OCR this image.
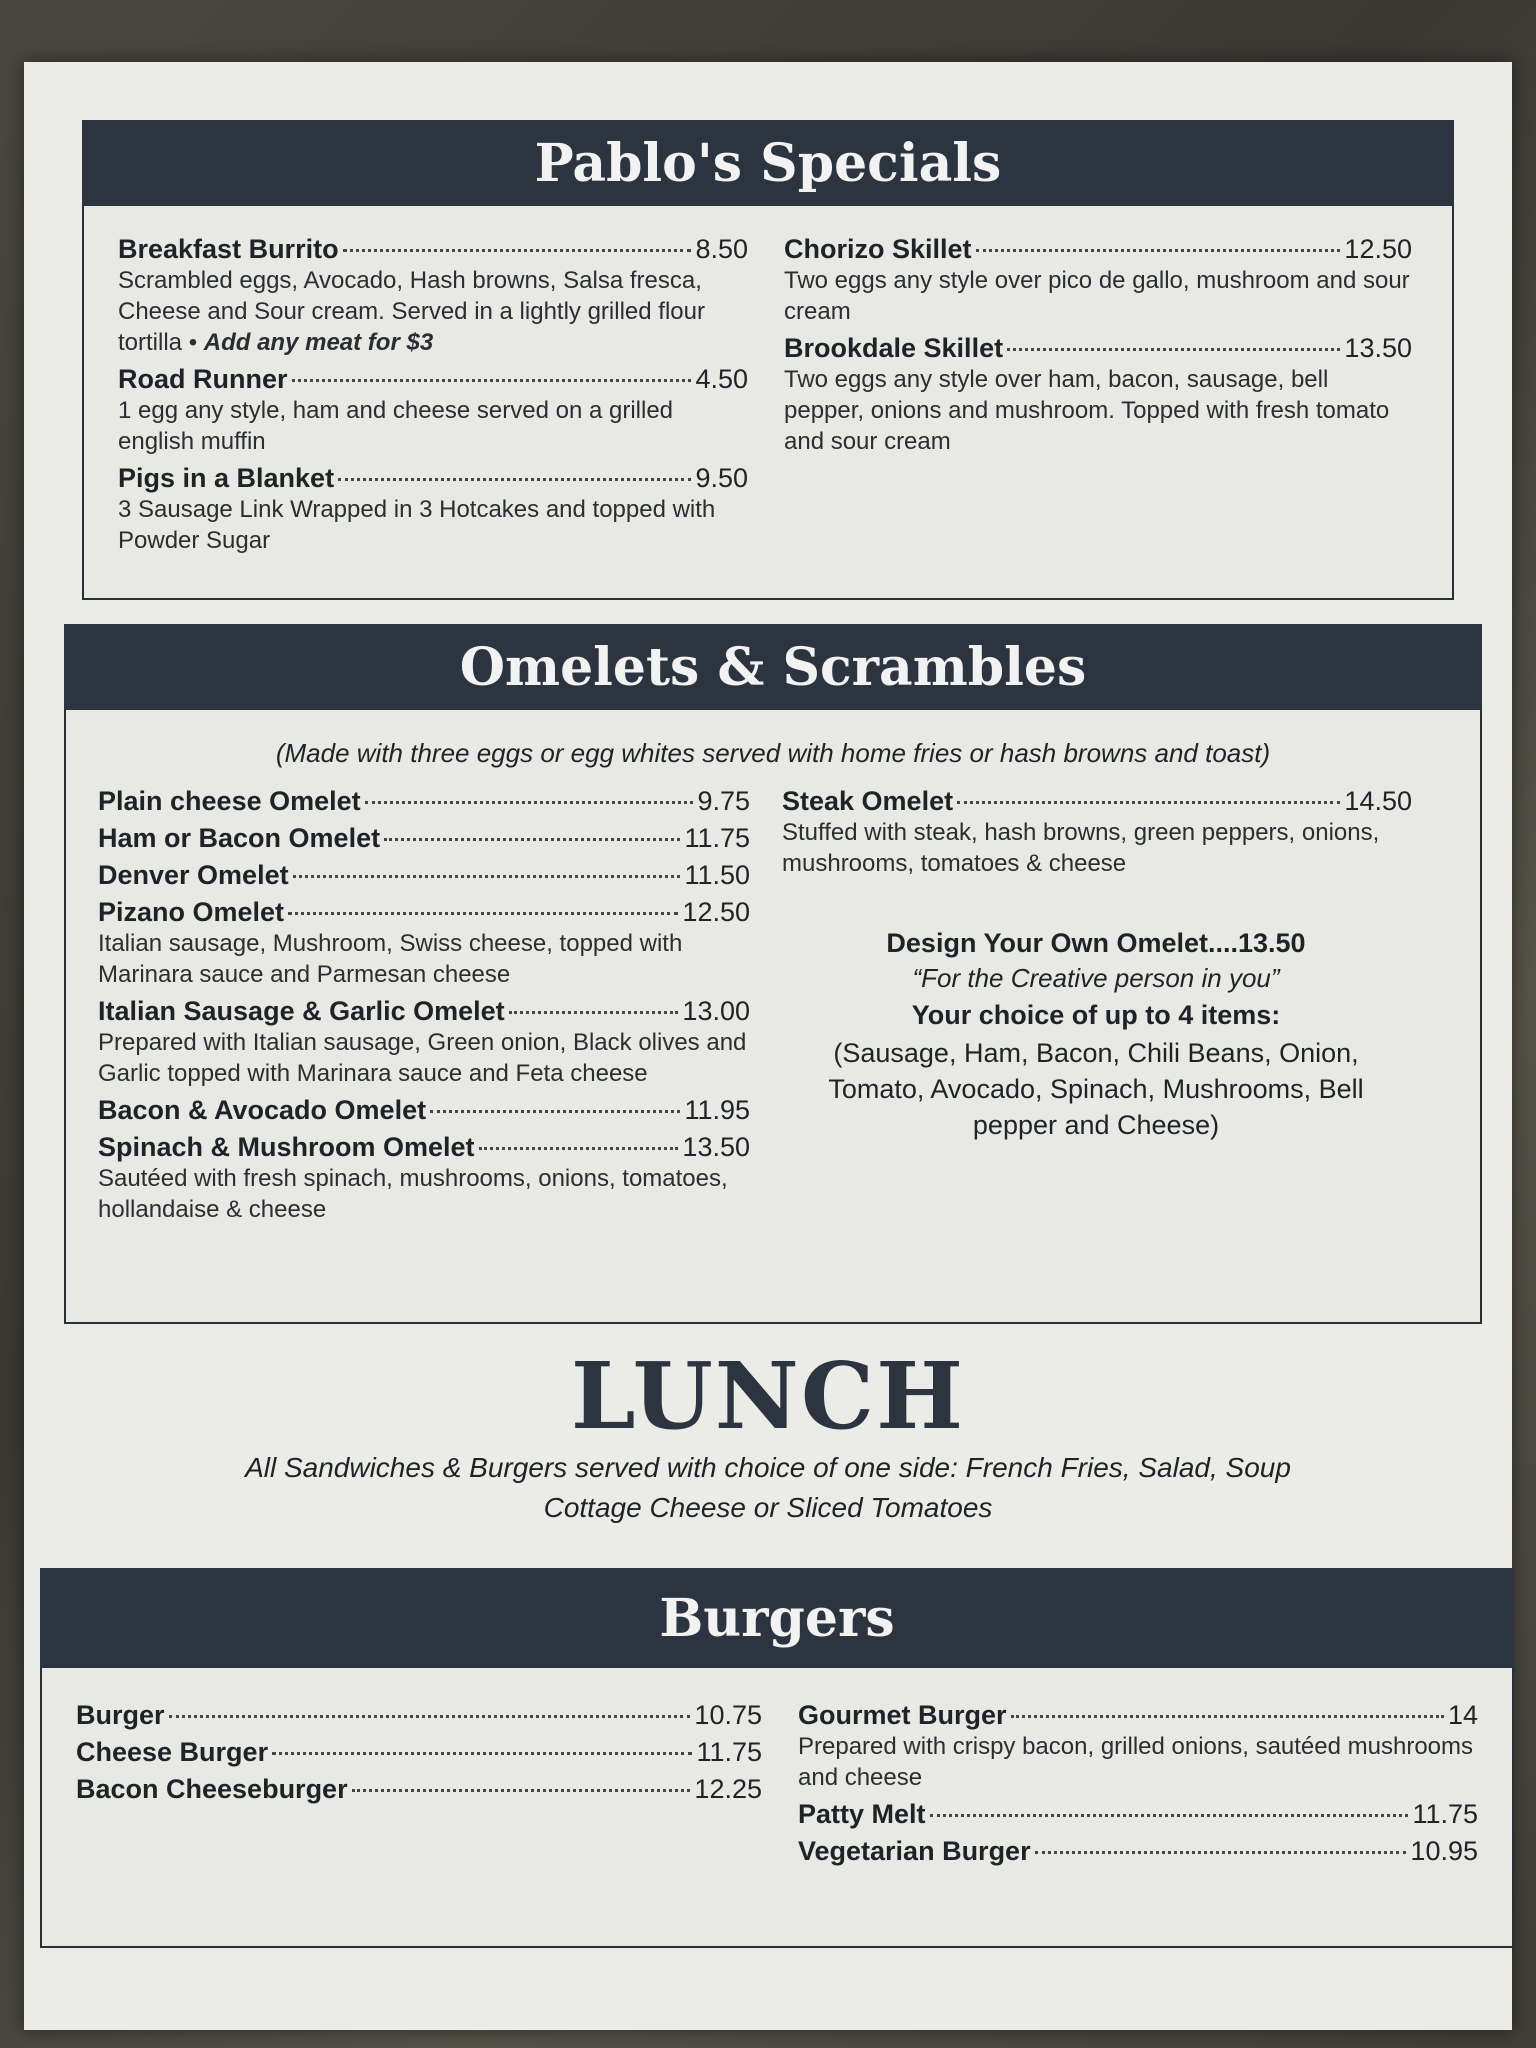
Pablo's Specials
Breakfast Burrito	8.50
Scrambled eggs, Avocado, Hash browns, Salsa fresca, Cheese and Sour cream. Served in a lightly grilled flour tortilla • Add any meat for $3
Road Runner	4.50
1 egg any style, ham and cheese served on a grilled english muffin
Pigs in a Blanket	9.50
3 Sausage Link Wrapped in 3 Hotcakes and topped with Powder Sugar
Chorizo Skillet	12.50
Two eggs any style over pico de gallo, mushroom and sour cream
Brookdale Skillet	13.50
Two eggs any style over ham, bacon, sausage, bell pepper, onions and mushroom. Topped with fresh tomato and sour cream
Omelets & Scrambles
(Made with three eggs or egg whites served with home fries or hash browns and toast)
Plain cheese Omelet	9.75
Ham or Bacon Omelet	11.75
Denver Omelet	11.50
Pizano Omelet	12.50
Italian sausage, Mushroom, Swiss cheese, topped with Marinara sauce and Parmesan cheese
Italian Sausage & Garlic Omelet	13.00
Prepared with Italian sausage, Green onion, Black olives and Garlic topped with Marinara sauce and Feta cheese
Bacon & Avocado Omelet	11.95
Spinach & Mushroom Omelet	13.50
Sautéed with fresh spinach, mushrooms, onions, tomatoes, hollandaise & cheese
Steak Omelet	14.50
Stuffed with steak, hash browns, green peppers, onions, mushrooms, tomatoes & cheese
Design Your Own Omelet....13.50
“For the Creative person in you”
Your choice of up to 4 items:
(Sausage, Ham, Bacon, Chili Beans, Onion, Tomato, Avocado, Spinach, Mushrooms, Bell pepper and Cheese)
LUNCH
All Sandwiches & Burgers served with choice of one side: French Fries, Salad, Soup
Cottage Cheese or Sliced Tomatoes
Burgers
Burger	10.75
Cheese Burger	11.75
Bacon Cheeseburger	12.25
Gourmet Burger	14
Prepared with crispy bacon, grilled onions, sautéed mushrooms and cheese
Patty Melt	11.75
Vegetarian Burger	10.95
